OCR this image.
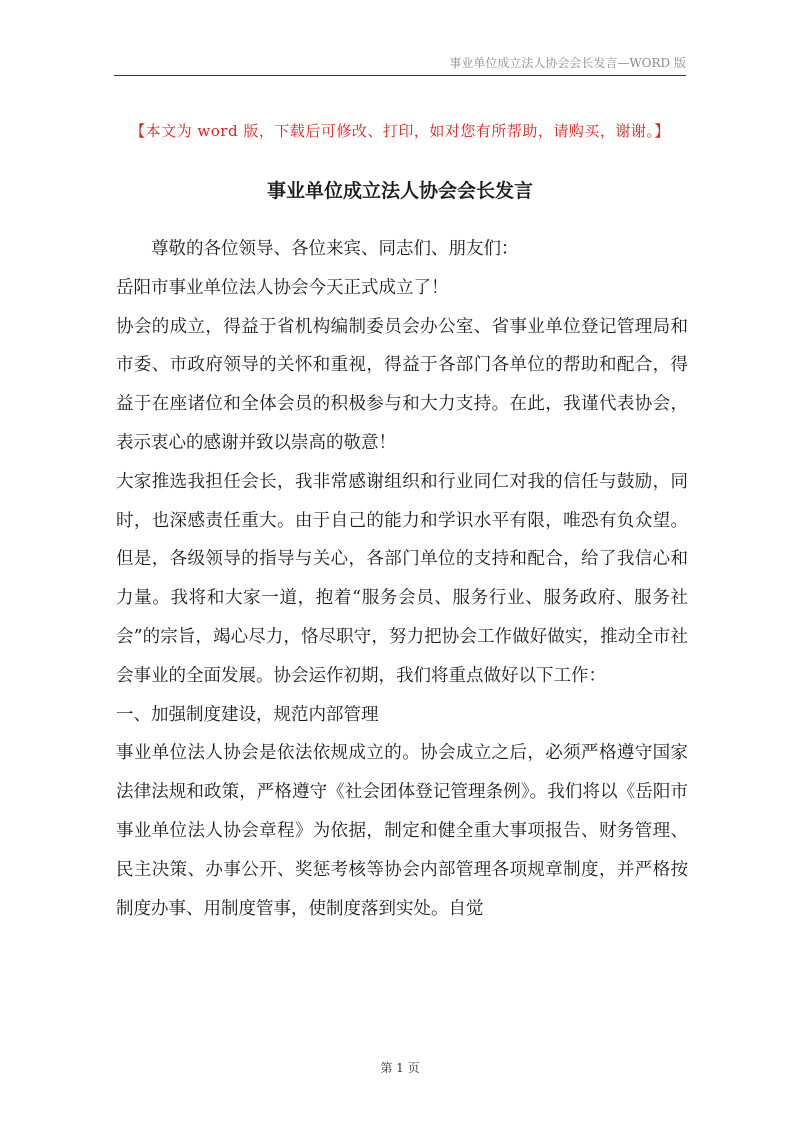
事业单位成立法人协会会长发言—WORD 版
【本文为 word 版，下载后可修改、打印，如对您有所帮助，请购买，谢谢。】
事业单位成立法人协会会长发言

尊敬的各位领导、各位来宾、同志们、朋友们：

岳阳市事业单位法人协会今天正式成立了！

协会的成立，得益于省机构编制委员会办公室、省事业单位登记管理局和市委、市政府领导的关怀和重视，得益于各部门各单位的帮助和配合，得益于在座诸位和全体会员的积极参与和大力支持。在此，我谨代表协会，表示衷心的感谢并致以崇高的敬意！

大家推选我担任会长，我非常感谢组织和行业同仁对我的信任与鼓励，同时，也深感责任重大。由于自己的能力和学识水平有限，唯恐有负众望。但是，各级领导的指导与关心，各部门单位的支持和配合，给了我信心和力量。我将和大家一道，抱着“服务会员、服务行业、服务政府、服务社会”的宗旨，竭心尽力，恪尽职守，努力把协会工作做好做实，推动全市社会事业的全面发展。协会运作初期，我们将重点做好以下工作：

一、加强制度建设，规范内部管理

事业单位法人协会是依法依规成立的。协会成立之后，必须严格遵守国家法律法规和政策，严格遵守《社会团体登记管理条例》。我们将以《岳阳市事业单位法人协会章程》为依据，制定和健全重大事项报告、财务管理、民主决策、办事公开、奖惩考核等协会内部管理各项规章制度，并严格按制度办事、用制度管事，使制度落到实处。自觉

第 1 页
